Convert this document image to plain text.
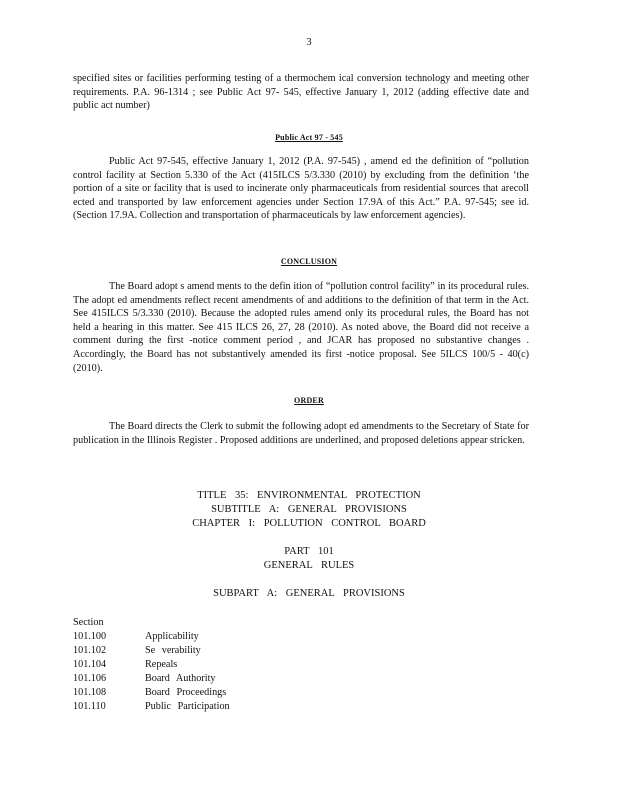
3

specified sites or facilities performing testing of a thermochem ical conversion technology and meeting other requirements. P.A. 96-1314 ; see Public Act 97- 545, effective January 1, 2012 (adding effective date and public act number)

Public Act 97 - 545

Public Act 97-545, effective January 1, 2012 (P.A. 97-545) , amend ed the definition of “pollution control facility at Section 5.330 of the Act (415ILCS 5/3.330 (2010) by excluding from the definition ‘the portion of a site or facility that is used to incinerate only pharmaceuticals from residential sources that arecoll ected and transported by law enforcement agencies under Section 17.9A of this Act.” P.A. 97-545; see id. (Section 17.9A. Collection and transportation of pharmaceuticals by law enforcement agencies).

CONCLUSION

The Board adopt s amend ments to the defin ition of “pollution control facility” in its procedural rules. The adopt ed amendments reflect recent amendments of and additions to the definition of that term in the Act. See 415ILCS 5/3.330 (2010). Because the adopted rules amend only its procedural rules, the Board has not held a hearing in this matter. See 415 ILCS 26, 27, 28 (2010). As noted above, the Board did not receive a comment during the first -notice comment period , and JCAR has proposed no substantive changes . Accordingly, the Board has not substantively amended its first -notice proposal. See 5ILCS 100/5 - 40(c) (2010).

ORDER

The Board directs the Clerk to submit the following adopt ed amendments to the Secretary of State for publication in the Illinois Register . Proposed additions are underlined, and proposed deletions appear stricken.

TITLE 35: ENVIRONMENTAL PROTECTION
SUBTITLE A: GENERAL PROVISIONS
CHAPTER I: POLLUTION CONTROL BOARD
PART 101
GENERAL RULES
SUBPART A: GENERAL PROVISIONS
Section
101.100	Applicability
101.102	Se verability
101.104	Repeals
101.106	Board Authority
101.108	Board Proceedings
101.110	Public Participation
